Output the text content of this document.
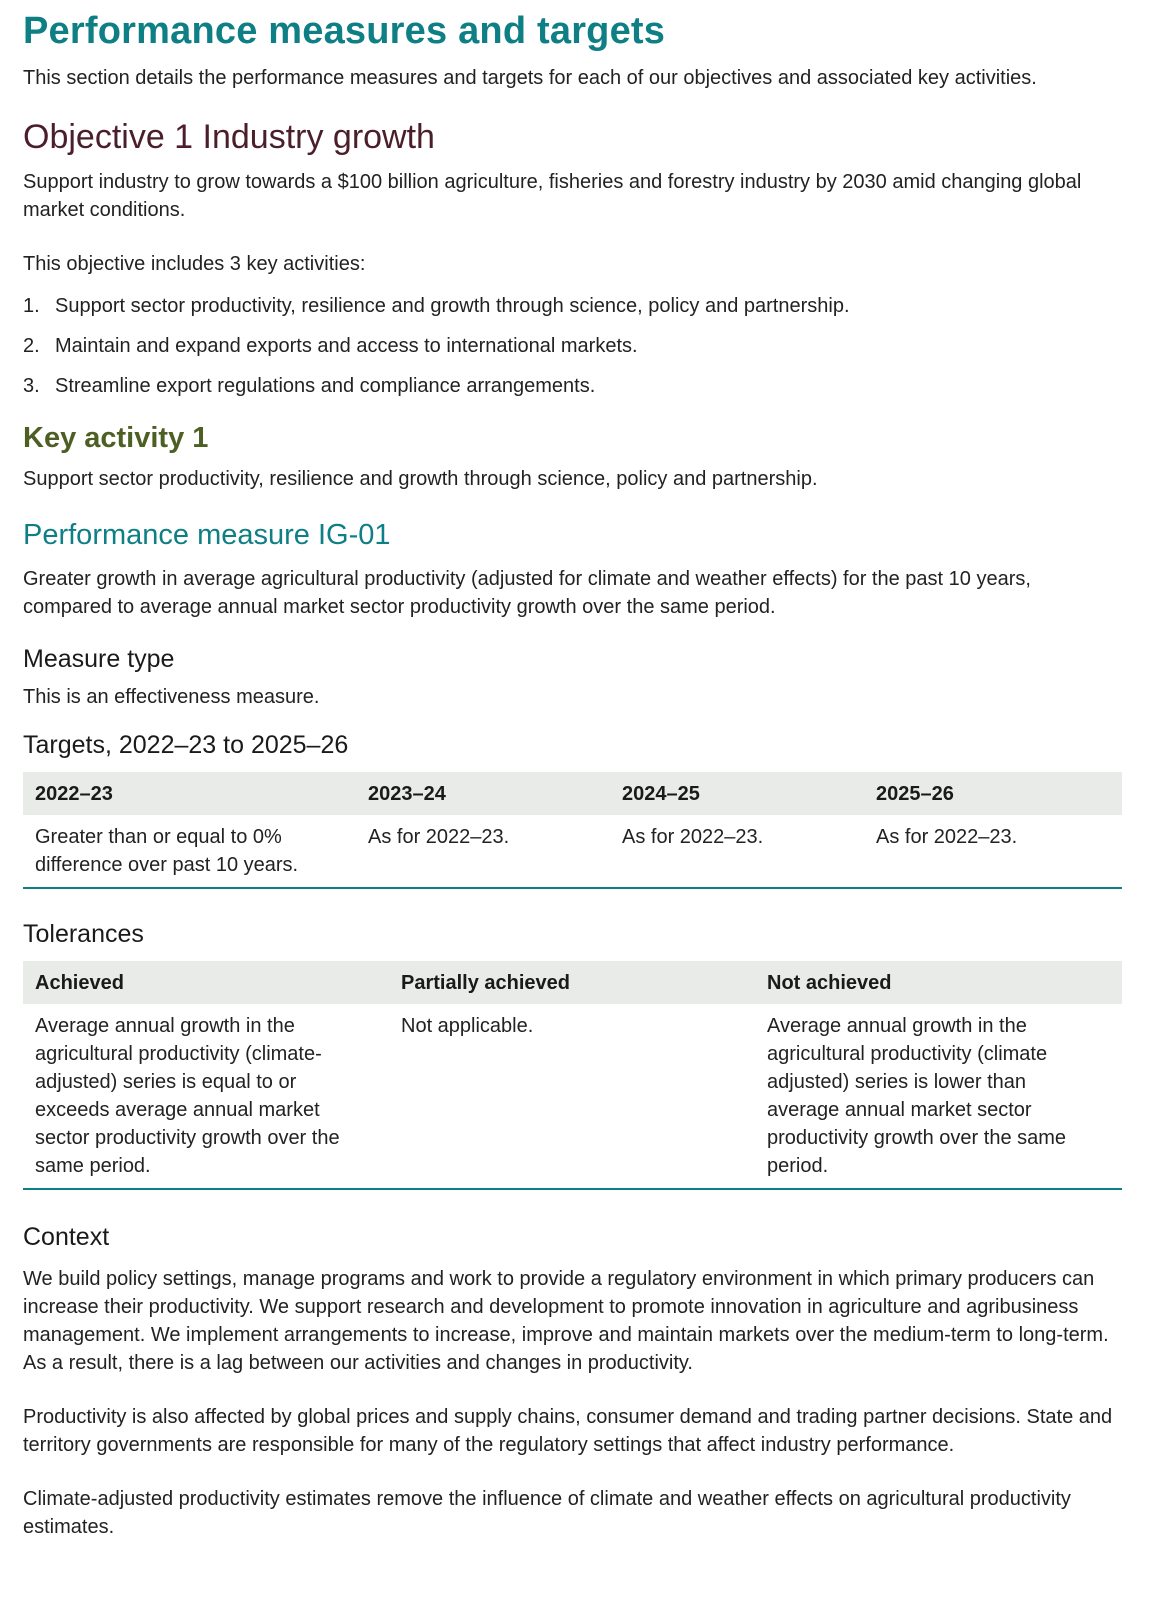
Performance measures and targets

This section details the performance measures and targets for each of our objectives and associated key activities.

Objective 1 Industry growth

Support industry to grow towards a $100 billion agriculture, fisheries and forestry industry by 2030 amid changing global market conditions.

This objective includes 3 key activities:

1. Support sector productivity, resilience and growth through science, policy and partnership.
2. Maintain and expand exports and access to international markets.
3. Streamline export regulations and compliance arrangements.
Key activity 1

Support sector productivity, resilience and growth through science, policy and partnership.

Performance measure IG-01

Greater growth in average agricultural productivity (adjusted for climate and weather effects) for the past 10 years, compared to average annual market sector productivity growth over the same period.

Measure type

This is an effectiveness measure.

Targets, 2022–23 to 2025–26
2022–23	2023–24	2024–25	2025–26
Greater than or equal to 0% difference over past 10 years.	As for 2022–23.	As for 2022–23.	As for 2022–23.
Tolerances
Achieved	Partially achieved	Not achieved
Average annual growth in the agricultural productivity (climate-adjusted) series is equal to or exceeds average annual market sector productivity growth over the same period.	Not applicable.	Average annual growth in the agricultural productivity (climate adjusted) series is lower than average annual market sector productivity growth over the same period.
Context

We build policy settings, manage programs and work to provide a regulatory environment in which primary producers can increase their productivity. We support research and development to promote innovation in agriculture and agribusiness management. We implement arrangements to increase, improve and maintain markets over the medium-term to long-term. As a result, there is a lag between our activities and changes in productivity.

Productivity is also affected by global prices and supply chains, consumer demand and trading partner decisions. State and territory governments are responsible for many of the regulatory settings that affect industry performance.

Climate-adjusted productivity estimates remove the influence of climate and weather effects on agricultural productivity estimates.
